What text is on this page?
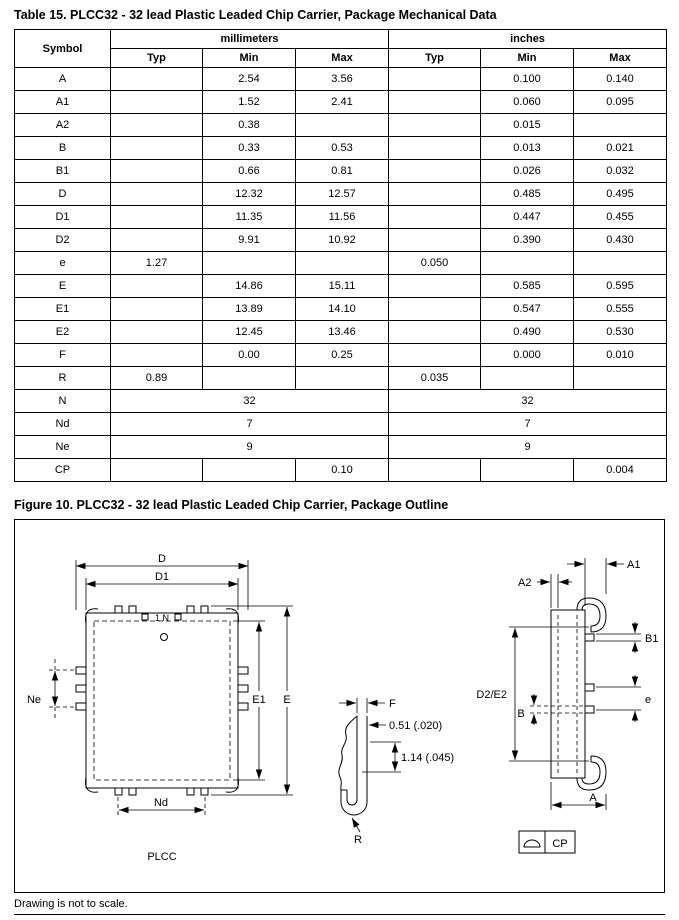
Table 15. PLCC32 - 32 lead Plastic Leaded Chip Carrier, Package Mechanical Data
Symbol	millimeters			inches		
	Typ	Min	Max	Typ	Min	Max
A		2.54	3.56		0.100	0.140
A1		1.52	2.41		0.060	0.095
A2		0.38			0.015	
B		0.33	0.53		0.013	0.021
B1		0.66	0.81		0.026	0.032
D		12.32	12.57		0.485	0.495
D1		11.35	11.56		0.447	0.455
D2		9.91	10.92		0.390	0.430
e	1.27			0.050		
E		14.86	15.11		0.585	0.595
E1		13.89	14.10		0.547	0.555
E2		12.45	13.46		0.490	0.530
F		0.00	0.25		0.000	0.010
R	0.89			0.035		
N	32			32		
Nd	7			7		
Ne	9			9		
CP			0.10			0.004
Figure 10. PLCC32 - 32 lead Plastic Leaded Chip Carrier, Package Outline
1 N
D
D1
E1 E
Ne
Nd
PLCC
F
0.51 (.020)
1.14 (.045)
R
A1
A2
B1
e
B
D2/E2
A
CP
Drawing is not to scale.
